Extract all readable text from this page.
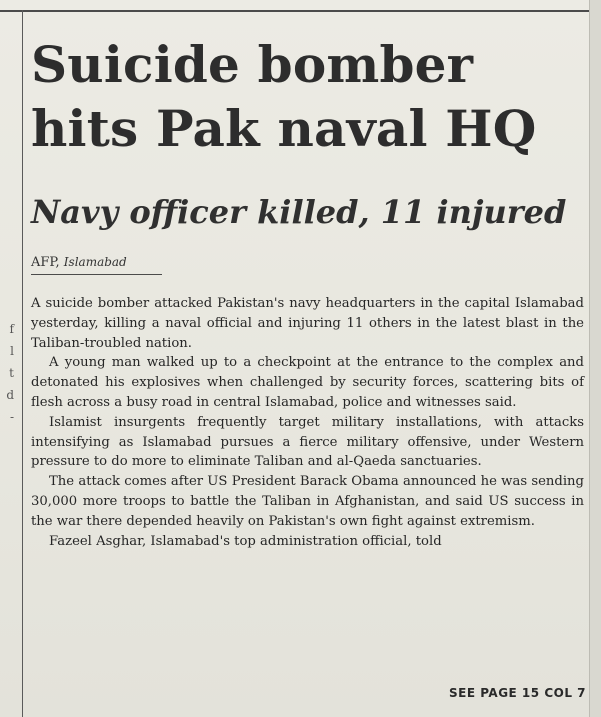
f
l
t
d
-
Suicide bomber
hits Pak naval HQ
Navy officer killed, 11 injured
AFP, Islamabad

A suicide bomber attacked Pakistan's navy headquarters in the capital Islamabad yesterday, killing a naval official and injuring 11 others in the latest blast in the Taliban-troubled nation.

A young man walked up to a checkpoint at the entrance to the complex and detonated his explosives when challenged by security forces, scattering bits of flesh across a busy road in central Islamabad, police and witnesses said.

Islamist insurgents frequently target military installations, with attacks intensifying as Islamabad pursues a fierce military offensive, under Western pressure to do more to eliminate Taliban and al-Qaeda sanctuaries.

The attack comes after US President Barack Obama announced he was sending 30,000 more troops to battle the Taliban in Afghanistan, and said US success in the war there depended heavily on Pakistan's own fight against extremism.

Fazeel Asghar, Islamabad's top administration official, told

SEE PAGE 15 COL 7
